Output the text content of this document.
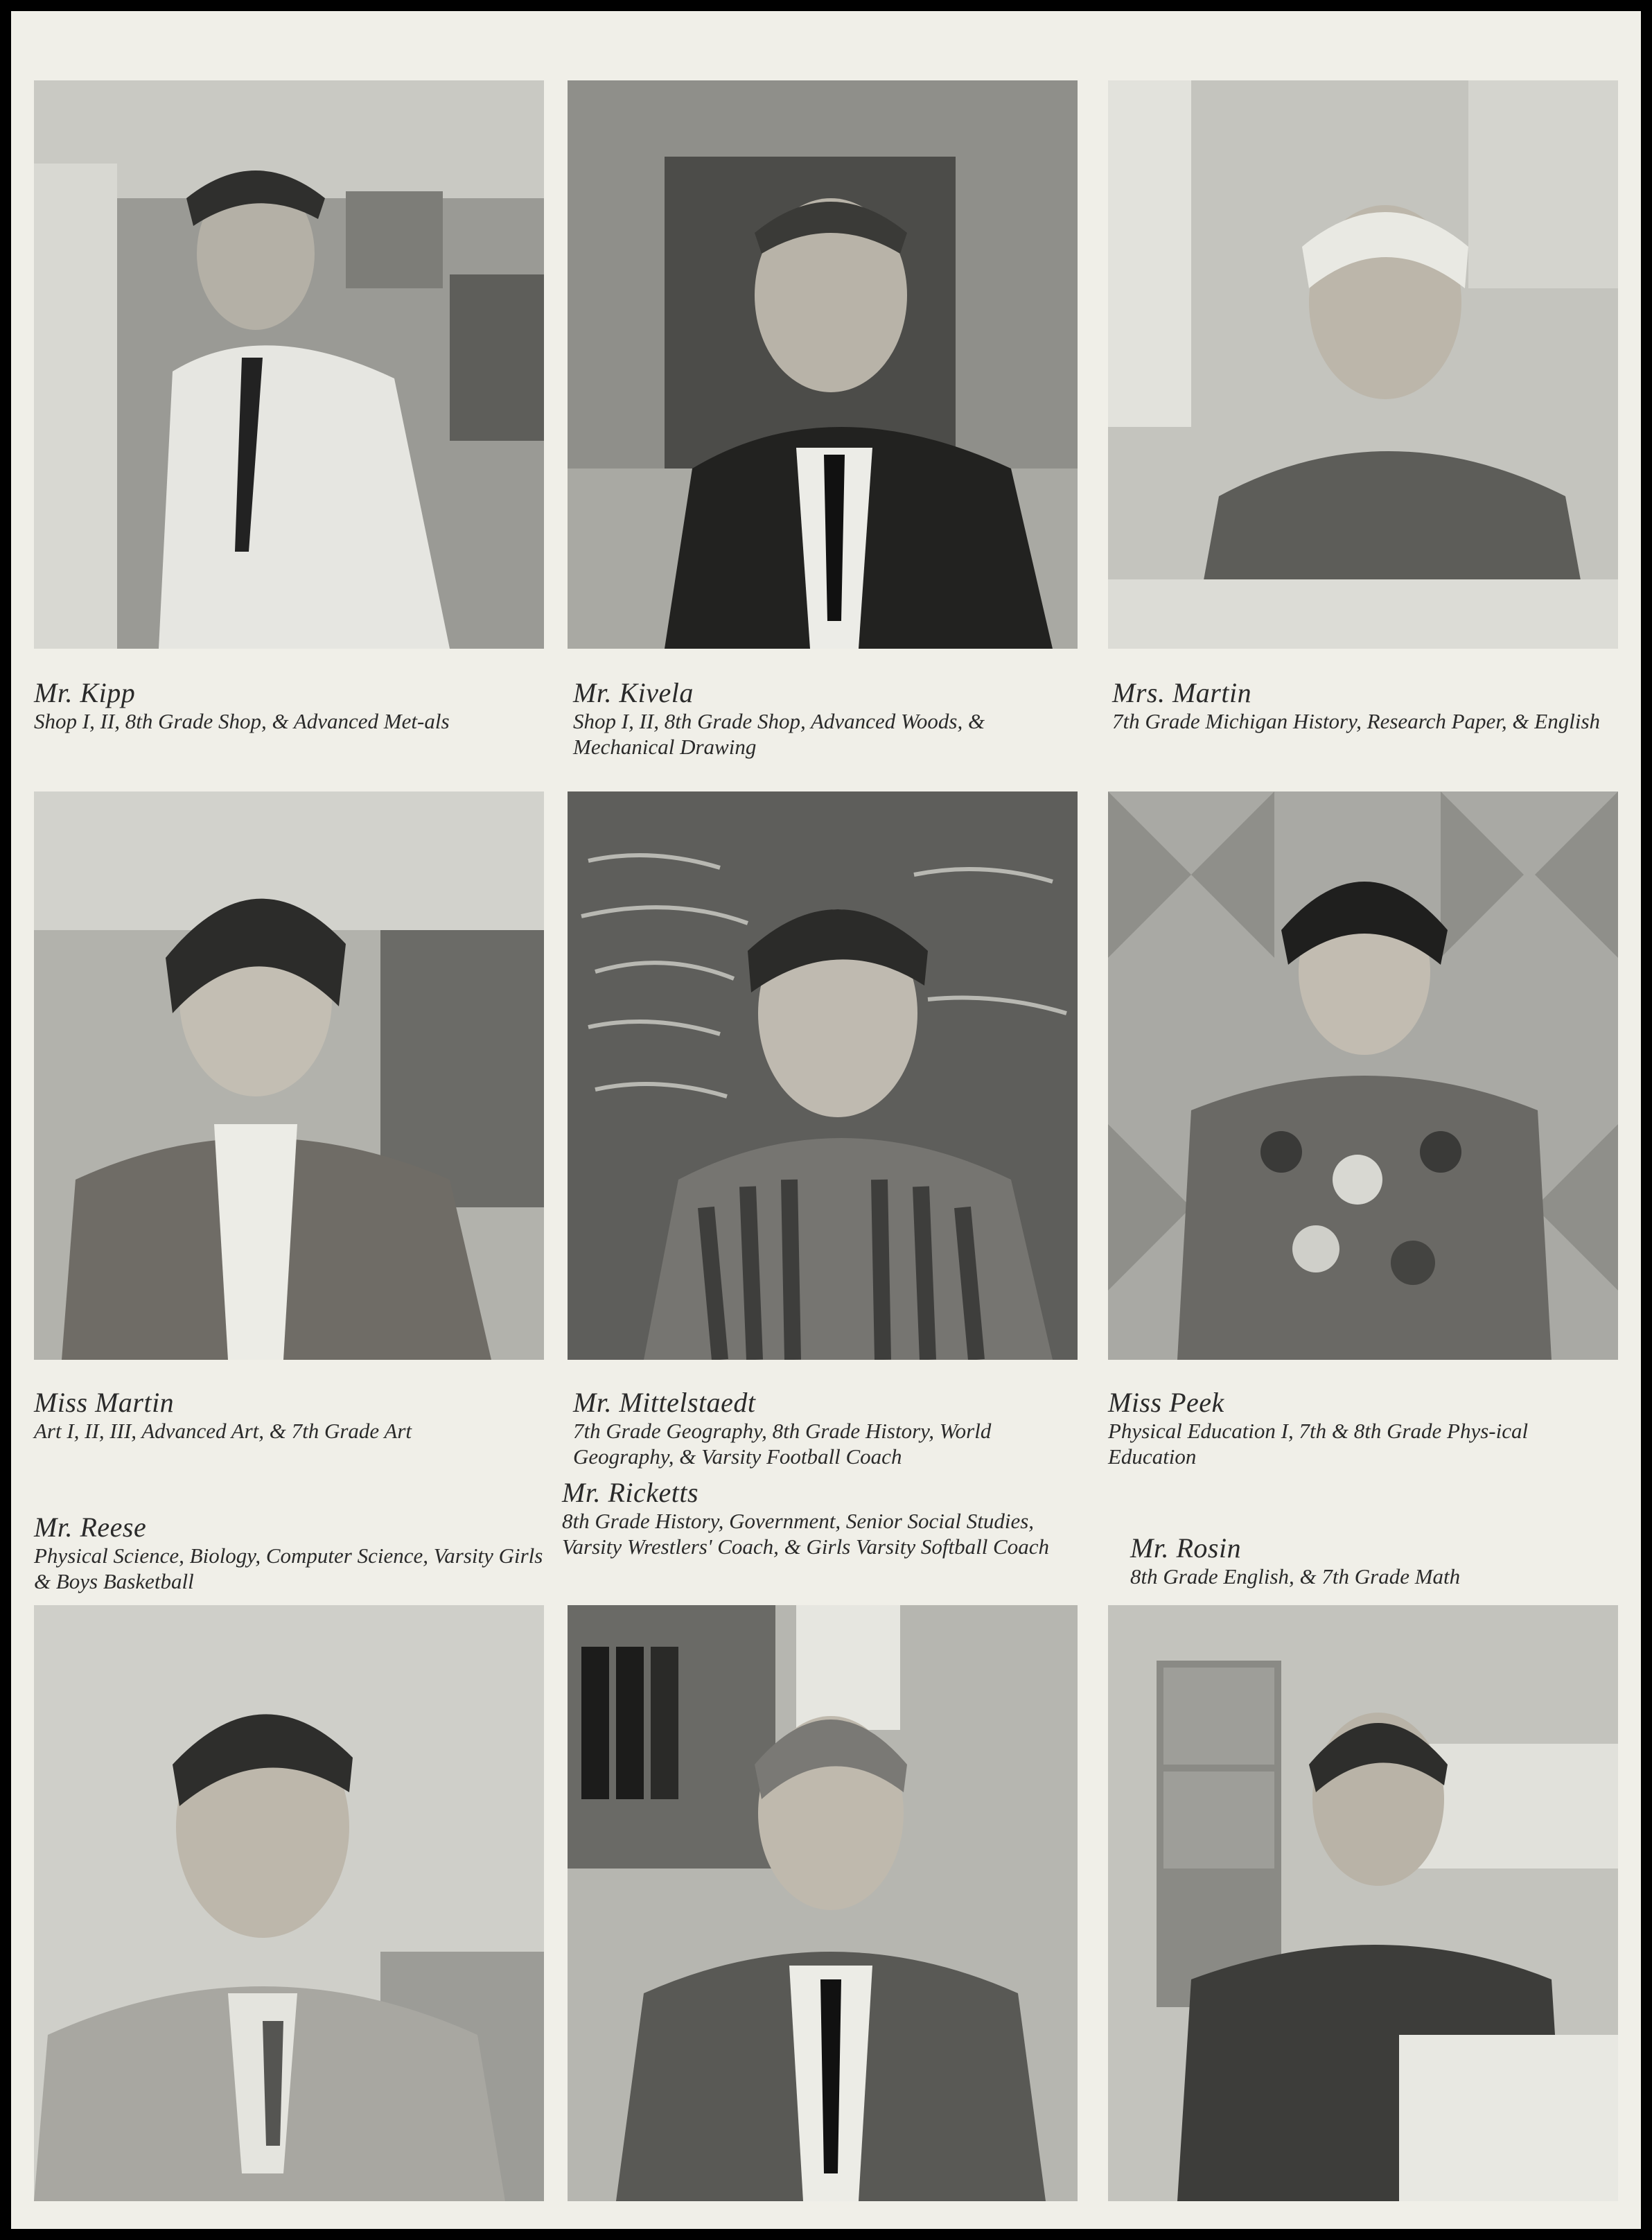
Mr. Kipp
Shop I, II, 8th Grade Shop, & Advanced Met-als
Mr. Kivela
Shop I, II, 8th Grade Shop, Advanced Woods, & Mechanical Drawing
Mrs. Martin
7th Grade Michigan History, Research Paper, & English
Miss Martin
Art I, II, III, Advanced Art, & 7th Grade Art
Mr. Mittelstaedt
7th Grade Geography, 8th Grade History, World Geography, & Varsity Football Coach
Miss Peek
Physical Education I, 7th & 8th Grade Phys-ical Education
Mr. Reese
Physical Science, Biology, Computer Science, Varsity Girls & Boys Basketball
Mr. Ricketts
8th Grade History, Government, Senior Social Studies, Varsity Wrestlers' Coach, & Girls Varsity Softball Coach	Mr. Rosin
8th Grade English, & 7th Grade Math
